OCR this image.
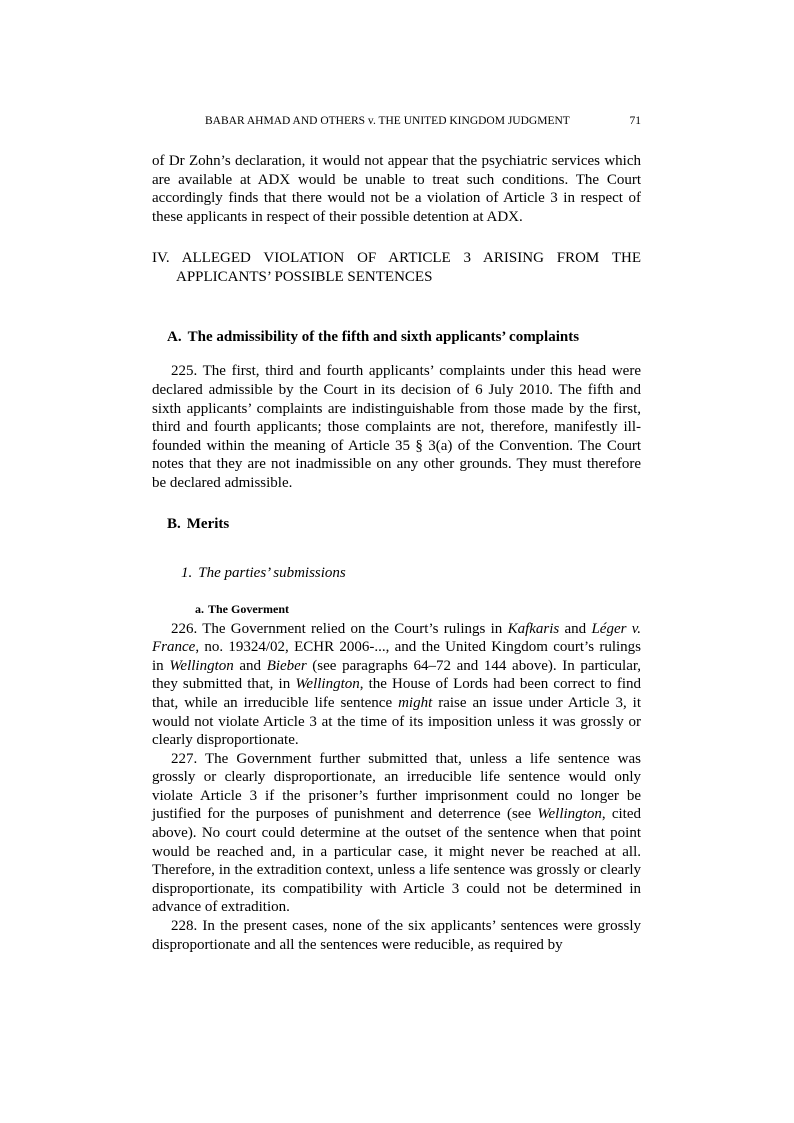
BABAR AHMAD AND OTHERS v. THE UNITED KINGDOM JUDGMENT	71

of Dr Zohn’s declaration, it would not appear that the psychiatric services which are available at ADX would be unable to treat such conditions. The Court accordingly finds that there would not be a violation of Article 3 in respect of these applicants in respect of their possible detention at ADX.

IV. ALLEGED VIOLATION OF ARTICLE 3 ARISING FROM THE APPLICANTS’ POSSIBLE SENTENCES
A. The admissibility of the fifth and sixth applicants’ complaints

225. The first, third and fourth applicants’ complaints under this head were declared admissible by the Court in its decision of 6 July 2010. The fifth and sixth applicants’ complaints are indistinguishable from those made by the first, third and fourth applicants; those complaints are not, therefore, manifestly ill-founded within the meaning of Article 35 § 3(a) of the Convention. The Court notes that they are not inadmissible on any other grounds. They must therefore be declared admissible.

B. Merits
1. The parties’ submissions
a. The Goverment

226. The Government relied on the Court’s rulings in Kafkaris and Léger v. France, no. 19324/02, ECHR 2006-..., and the United Kingdom court’s rulings in Wellington and Bieber (see paragraphs 64–72 and 144 above). In particular, they submitted that, in Wellington, the House of Lords had been correct to find that, while an irreducible life sentence might raise an issue under Article 3, it would not violate Article 3 at the time of its imposition unless it was grossly or clearly disproportionate.

227. The Government further submitted that, unless a life sentence was grossly or clearly disproportionate, an irreducible life sentence would only violate Article 3 if the prisoner’s further imprisonment could no longer be justified for the purposes of punishment and deterrence (see Wellington, cited above). No court could determine at the outset of the sentence when that point would be reached and, in a particular case, it might never be reached at all. Therefore, in the extradition context, unless a life sentence was grossly or clearly disproportionate, its compatibility with Article 3 could not be determined in advance of extradition.

228. In the present cases, none of the six applicants’ sentences were grossly disproportionate and all the sentences were reducible, as required by
